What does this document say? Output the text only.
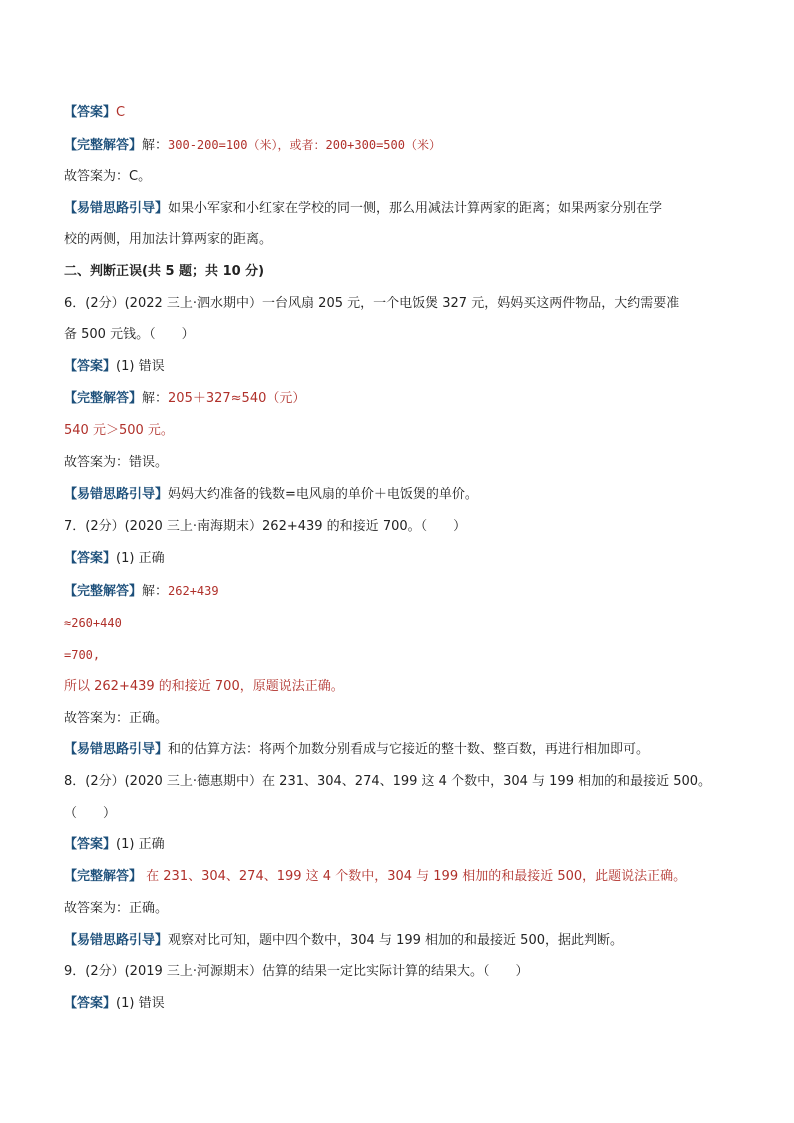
【答案】C
【完整解答】解：300-200=100（米），或者：200+300=500（米）
故答案为：C。
【易错思路引导】如果小军家和小红家在学校的同一侧，那么用减法计算两家的距离；如果两家分别在学
校的两侧，用加法计算两家的距离。
二、判断正误(共 5 题；共 10 分)
6．(2分）(2022 三上·泗水期中）一台风扇 205 元，一个电饭煲 327 元，妈妈买这两件物品，大约需要准
备 500 元钱。（　　）
【答案】(1) 错误
【完整解答】解：205＋327≈540（元）
540 元＞500 元。
故答案为：错误。
【易错思路引导】妈妈大约准备的钱数=电风扇的单价＋电饭煲的单价。
7．(2分）(2020 三上·南海期末）262+439 的和接近 700。（　　）
【答案】(1) 正确
【完整解答】解：262+439
≈260+440
=700,
所以 262+439 的和接近 700，原题说法正确。
故答案为：正确。
【易错思路引导】和的估算方法：将两个加数分别看成与它接近的整十数、整百数，再进行相加即可。
8．(2分）(2020 三上·德惠期中）在 231、304、274、199 这 4 个数中，304 与 199 相加的和最接近 500。
（　　）
【答案】(1) 正确
【完整解答】 在 231、304、274、199 这 4 个数中，304 与 199 相加的和最接近 500，此题说法正确。
故答案为：正确。
【易错思路引导】观察对比可知，题中四个数中，304 与 199 相加的和最接近 500，据此判断。
9．(2分）(2019 三上·河源期末）估算的结果一定比实际计算的结果大。（　　）
【答案】(1) 错误
